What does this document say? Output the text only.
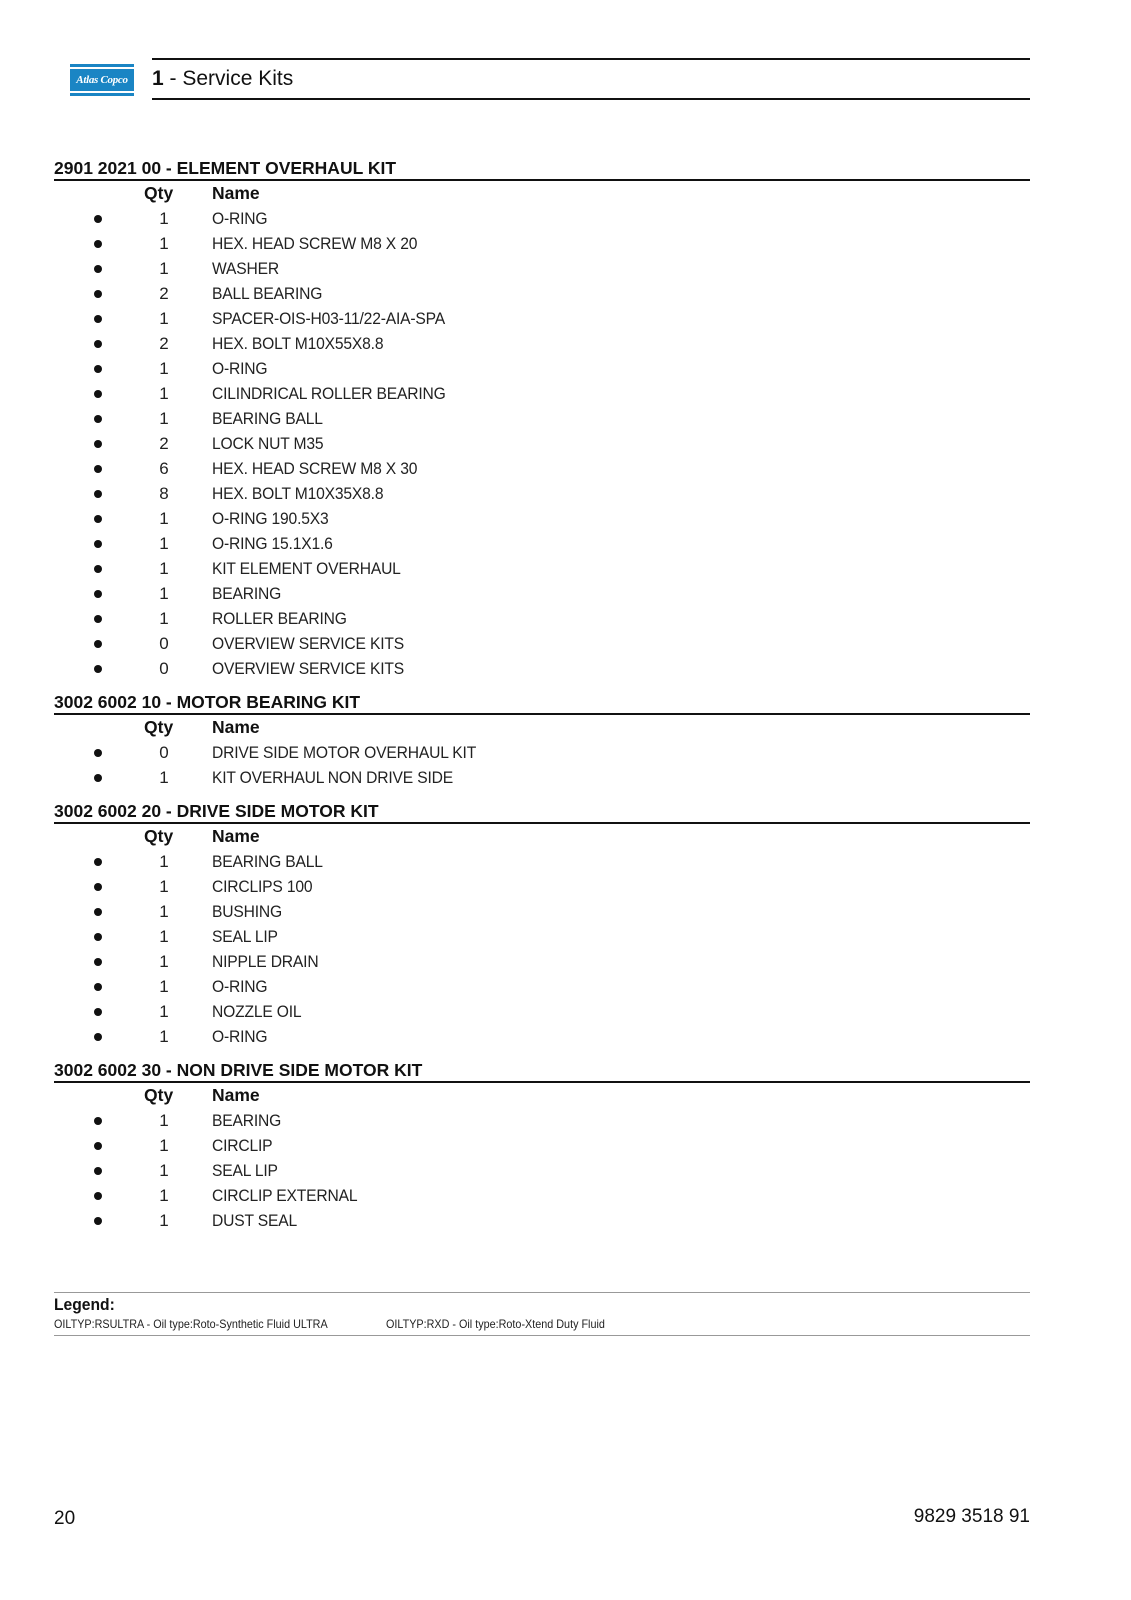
Atlas Copco 1 - Service Kits
2901 2021 00 - ELEMENT OVERHAUL KIT
Qty Name
1	O-RING
1	HEX. HEAD SCREW M8 X 20
1	WASHER
2	BALL BEARING
1	SPACER-OIS-H03-11/22-AIA-SPA
2	HEX. BOLT M10X55X8.8
1	O-RING
1	CILINDRICAL ROLLER BEARING
1	BEARING BALL
2	LOCK NUT M35
6	HEX. HEAD SCREW M8 X 30
8	HEX. BOLT M10X35X8.8
1	O-RING 190.5X3
1	O-RING 15.1X1.6
1	KIT ELEMENT OVERHAUL
1	BEARING
1	ROLLER BEARING
0	OVERVIEW SERVICE KITS
0	OVERVIEW SERVICE KITS
3002 6002 10 - MOTOR BEARING KIT
Qty Name
0	DRIVE SIDE MOTOR OVERHAUL KIT
1	KIT OVERHAUL NON DRIVE SIDE
3002 6002 20 - DRIVE SIDE MOTOR KIT
Qty Name
1	BEARING BALL
1	CIRCLIPS 100
1	BUSHING
1	SEAL LIP
1	NIPPLE DRAIN
1	O-RING
1	NOZZLE OIL
1	O-RING
3002 6002 30 - NON DRIVE SIDE MOTOR KIT
Qty Name
1	BEARING
1	CIRCLIP
1	SEAL LIP
1	CIRCLIP EXTERNAL
1	DUST SEAL
Legend:
OILTYP:RSULTRA - Oil type:Roto-Synthetic Fluid ULTRA	OILTYP:RXD - Oil type:Roto-Xtend Duty Fluid
20	9829 3518 91
